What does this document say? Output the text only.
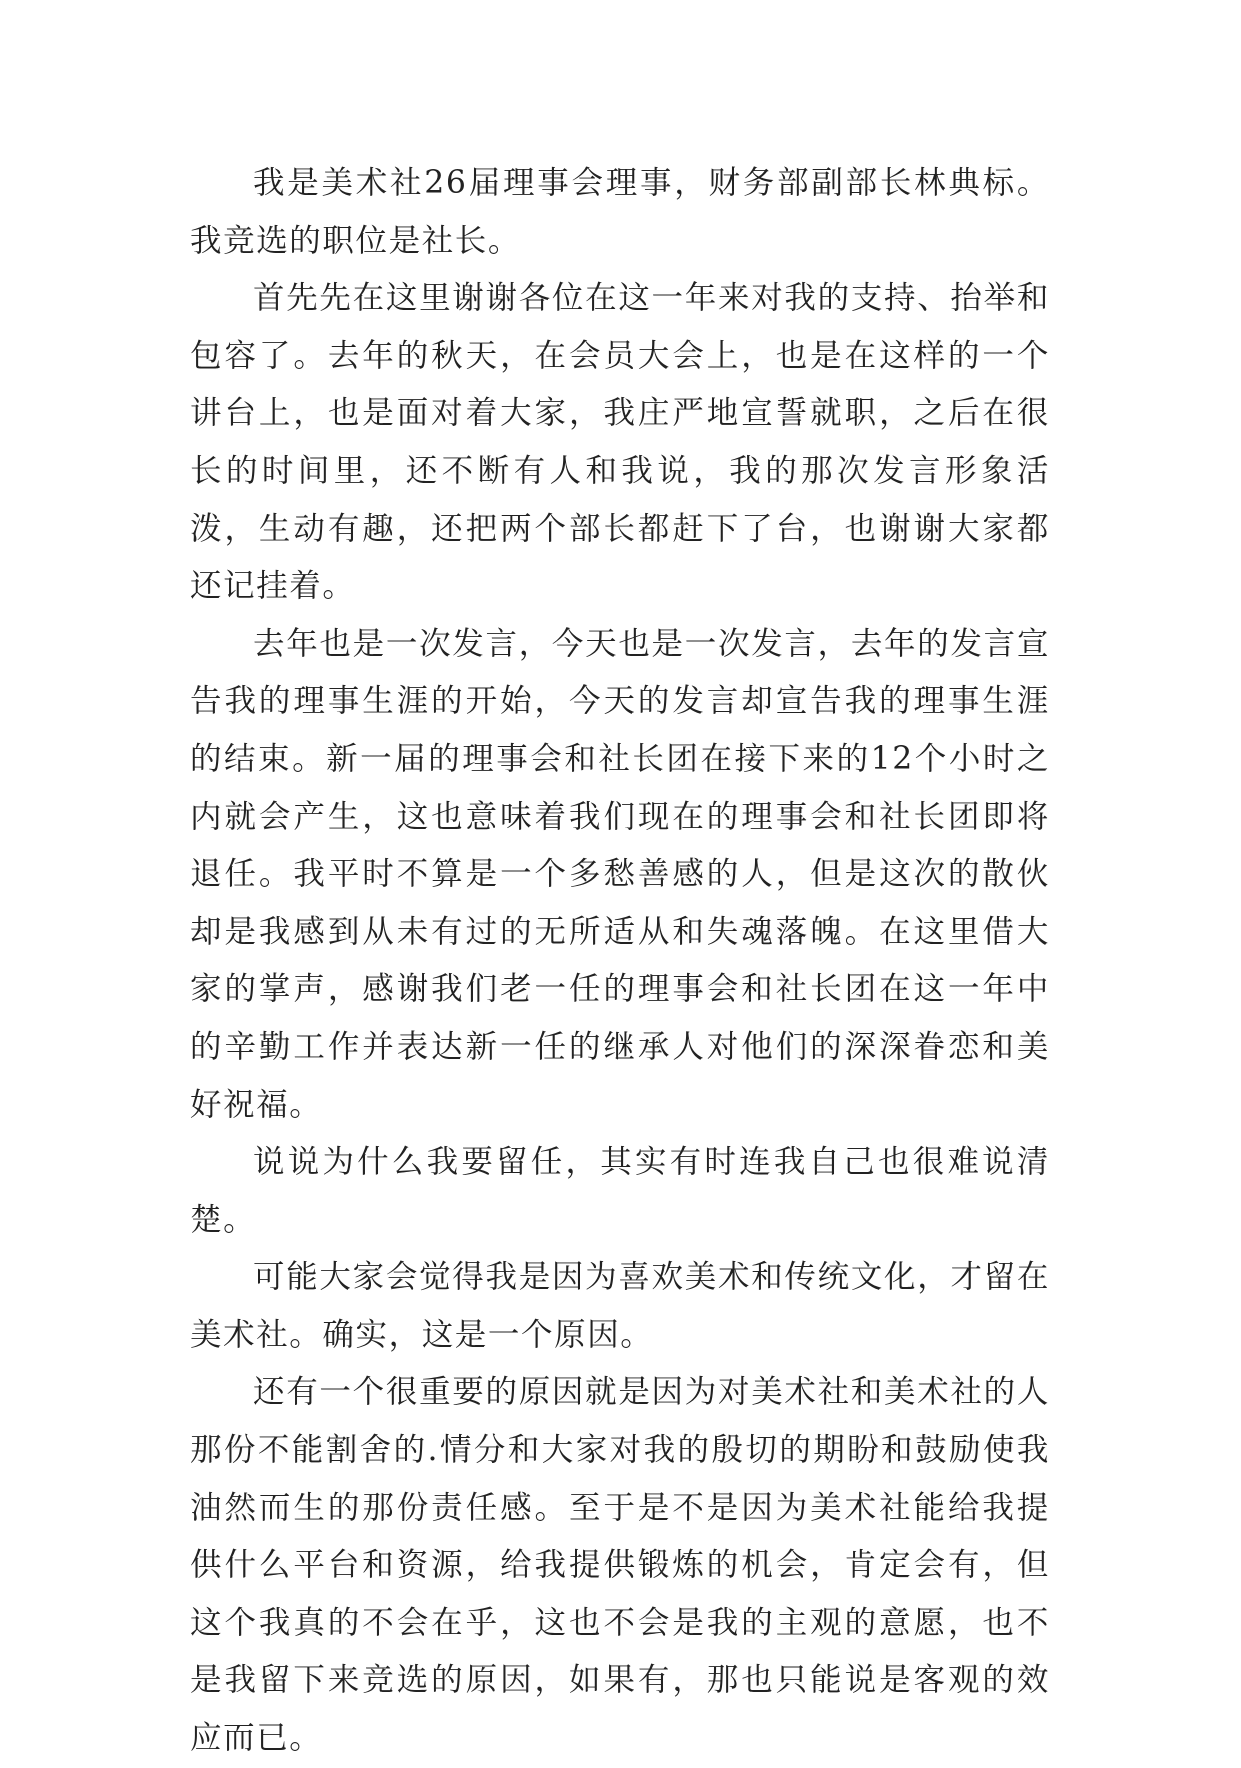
我是美术社26届理事会理事，财务部副部长林典标。我竞选的职位是社长。

首先先在这里谢谢各位在这一年来对我的支持、抬举和包容了。去年的秋天，在会员大会上，也是在这样的一个讲台上，也是面对着大家，我庄严地宣誓就职，之后在很长的时间里，还不断有人和我说，我的那次发言形象活泼，生动有趣，还把两个部长都赶下了台，也谢谢大家都还记挂着。

去年也是一次发言，今天也是一次发言，去年的发言宣告我的理事生涯的开始，今天的发言却宣告我的理事生涯的结束。新一届的理事会和社长团在接下来的12个小时之内就会产生，这也意味着我们现在的理事会和社长团即将退任。我平时不算是一个多愁善感的人，但是这次的散伙却是我感到从未有过的无所适从和失魂落魄。在这里借大家的掌声，感谢我们老一任的理事会和社长团在这一年中的辛勤工作并表达新一任的继承人对他们的深深眷恋和美好祝福。

说说为什么我要留任，其实有时连我自己也很难说清楚。

可能大家会觉得我是因为喜欢美术和传统文化，才留在美术社。确实，这是一个原因。

还有一个很重要的原因就是因为对美术社和美术社的人那份不能割舍的.情分和大家对我的殷切的期盼和鼓励使我油然而生的那份责任感。至于是不是因为美术社能给我提供什么平台和资源，给我提供锻炼的机会，肯定会有，但这个我真的不会在乎，这也不会是我的主观的意愿，也不是我留下来竞选的原因，如果有，那也只能说是客观的效应而已。
